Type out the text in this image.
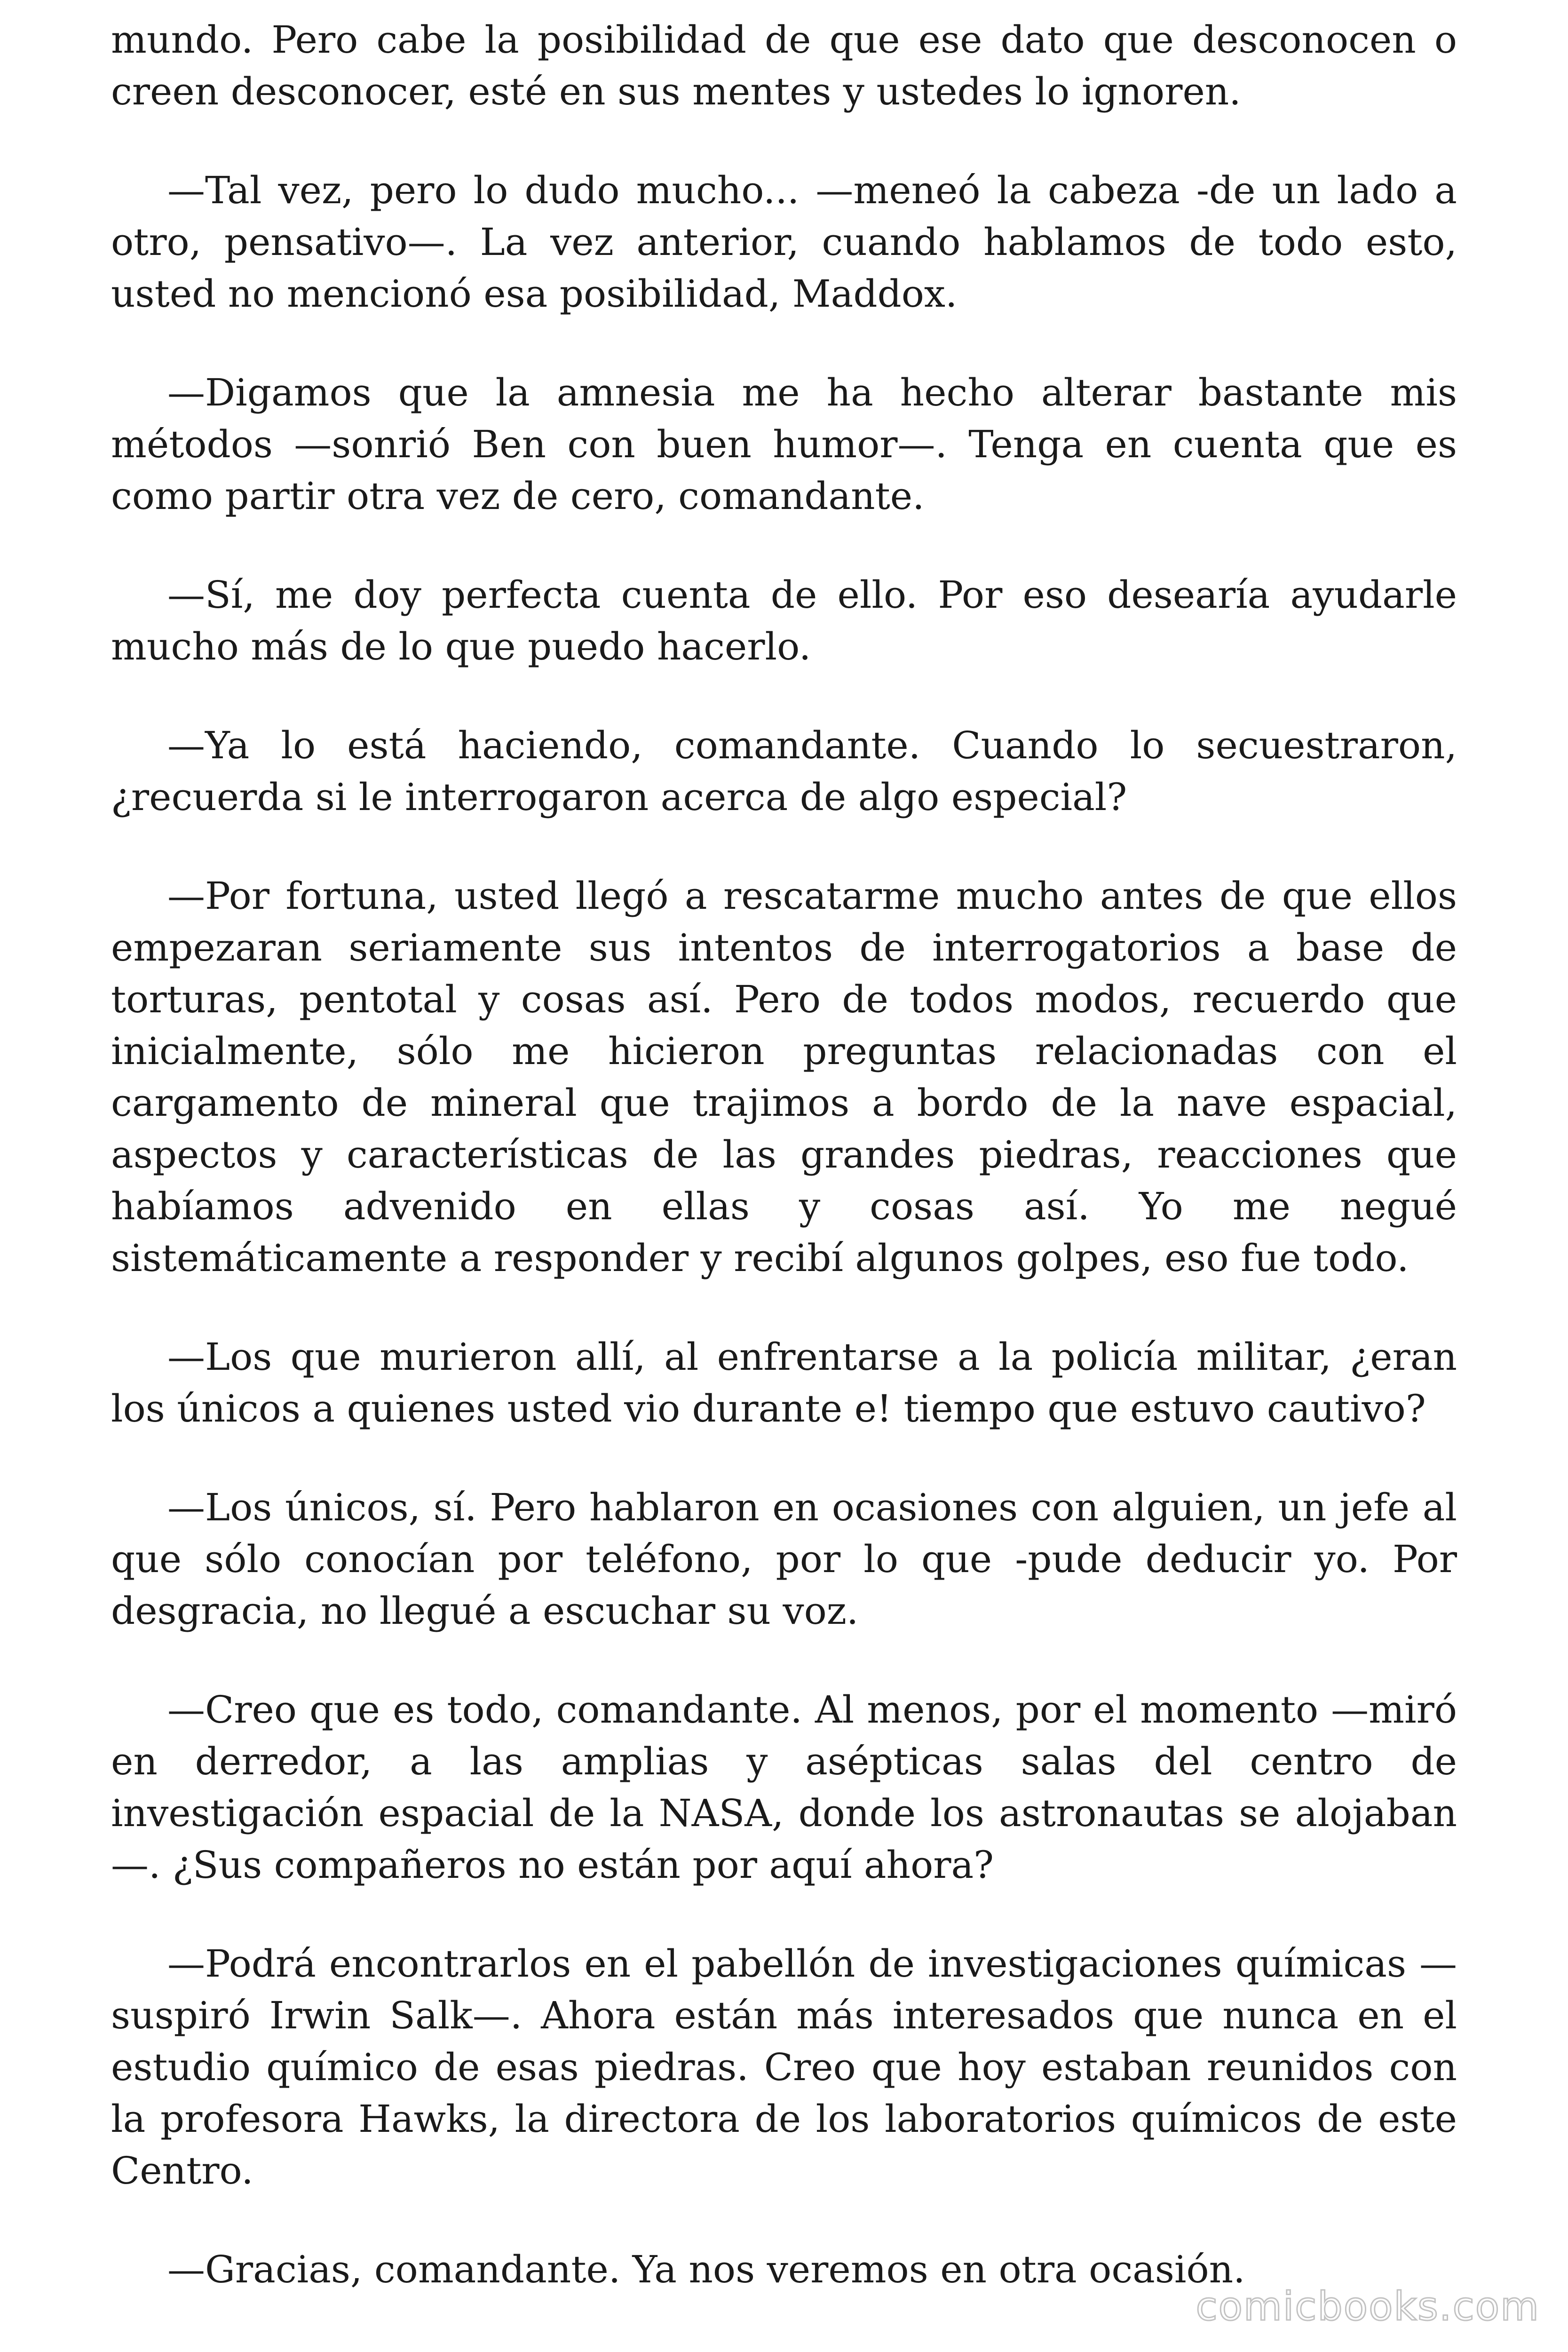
mundo. Pero cabe la posibilidad de que ese dato que desconocen o creen desconocer, esté en sus mentes y ustedes lo ignoren.

—Tal vez, pero lo dudo mucho... —meneó la cabeza -de un lado a otro, pensativo—. La vez anterior, cuando hablamos de todo esto, usted no mencionó esa posibilidad, Maddox.

—Digamos que la amnesia me ha hecho alterar bastante mis métodos —sonrió Ben con buen humor—. Tenga en cuenta que es como partir otra vez de cero, comandante.

—Sí, me doy perfecta cuenta de ello. Por eso desearía ayudarle mucho más de lo que puedo hacerlo.

—Ya lo está haciendo, comandante. Cuando lo secuestraron, ¿recuerda si le interrogaron acerca de algo especial?

—Por fortuna, usted llegó a rescatarme mucho antes de que ellos empezaran seriamente sus intentos de interrogatorios a base de torturas, pentotal y cosas así. Pero de todos modos, recuerdo que inicialmente, sólo me hicieron preguntas relacionadas con el cargamento de mineral que trajimos a bordo de la nave espacial, aspectos y características de las grandes piedras, reacciones que habíamos advenido en ellas y cosas así. Yo me negué sistemáticamente a responder y recibí algunos golpes, eso fue todo.

—Los que murieron allí, al enfrentarse a la policía militar, ¿eran los únicos a quienes usted vio durante e! tiempo que estuvo cautivo?

—Los únicos, sí. Pero hablaron en ocasiones con alguien, un jefe al que sólo conocían por teléfono, por lo que -pude deducir yo. Por desgracia, no llegué a escuchar su voz.

—Creo que es todo, comandante. Al menos, por el momento —miró en derredor, a las amplias y asépticas salas del centro de investigación espacial de la NASA, donde los astronautas se alojaban —. ¿Sus compañeros no están por aquí ahora?

—Podrá encontrarlos en el pabellón de investigaciones químicas — suspiró Irwin Salk—. Ahora están más interesados que nunca en el estudio químico de esas piedras. Creo que hoy estaban reunidos con la profesora Hawks, la directora de los laboratorios químicos de este Centro.

—Gracias, comandante. Ya nos veremos en otra ocasión.

comicbooks.com
